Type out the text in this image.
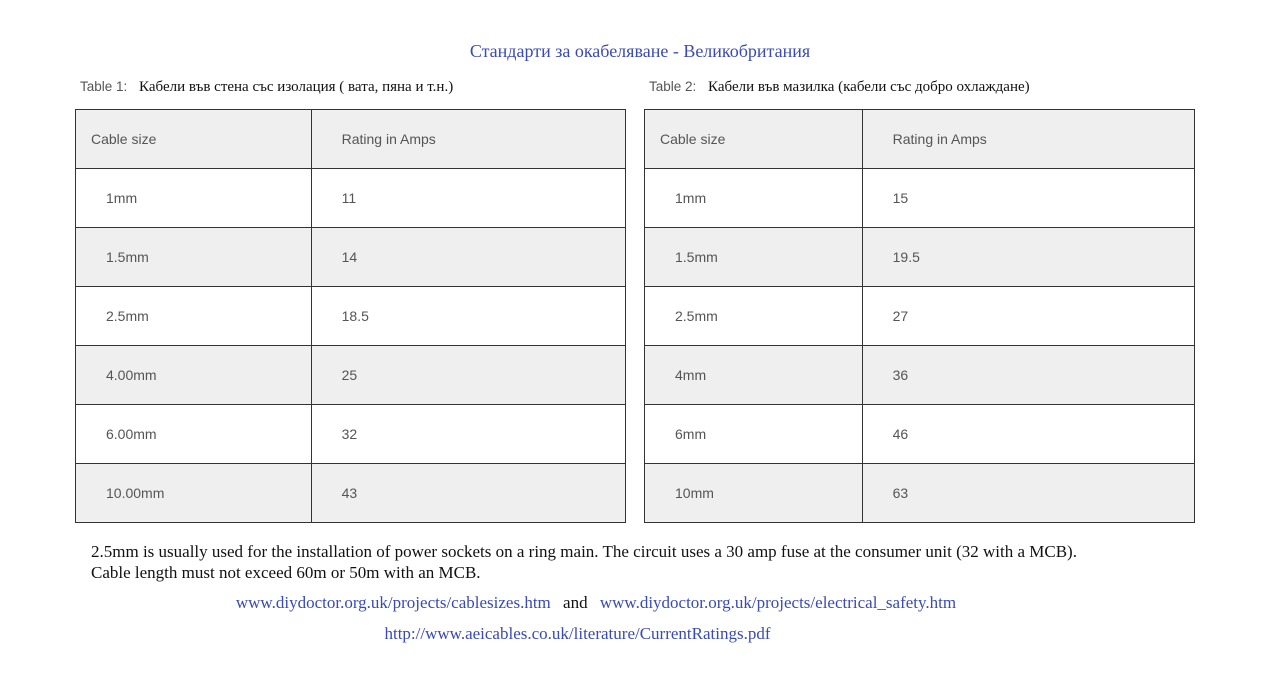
Стандарти за окабеляване - Великобритания
Table 1: Кабели във стена със изолация ( вата, пяна и т.н.)	Table 2: Кабели във мазилка (кабели със добро охлаждане)
Cable size	Rating in Amps
1mm	11
1.5mm	14
2.5mm	18.5
4.00mm	25
6.00mm	32
10.00mm	43
Cable size	Rating in Amps
1mm	15
1.5mm	19.5
2.5mm	27
4mm	36
6mm	46
10mm	63
2.5mm is usually used for the installation of power sockets on a ring main. The circuit uses a 30 amp fuse at the consumer unit (32 with a MCB).
Cable length must not exceed 60m or 50m with an MCB.
www.diydoctor.org.uk/projects/cablesizes.htm and www.diydoctor.org.uk/projects/electrical_safety.htm
http://www.aeicables.co.uk/literature/CurrentRatings.pdf
